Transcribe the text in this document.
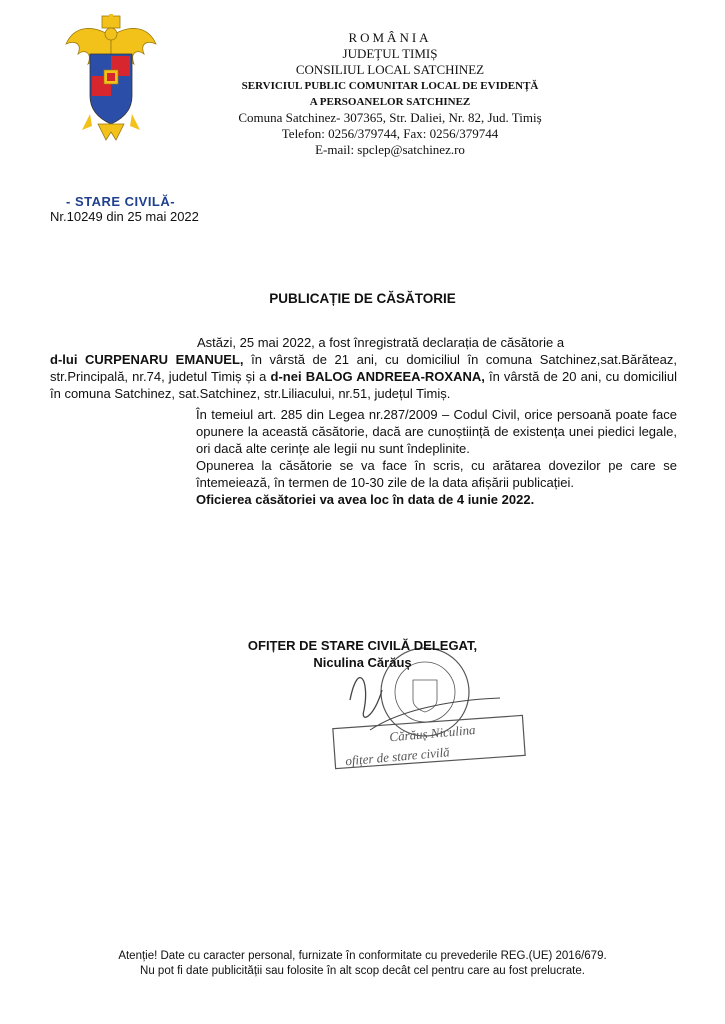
ROMÂNIA
JUDEȚUL TIMIȘ
CONSILIUL LOCAL SATCHINEZ
SERVICIUL PUBLIC COMUNITAR LOCAL DE EVIDENȚĂ
A PERSOANELOR SATCHINEZ
Comuna Satchinez- 307365, Str. Daliei, Nr. 82, Jud. Timiș
Telefon: 0256/379744, Fax: 0256/379744
E-mail: spclep@satchinez.ro
- STARE CIVILĂ-
Nr.10249 din 25 mai 2022
PUBLICAȚIE DE CĂSĂTORIE

Astăzi, 25 mai 2022, a fost înregistrată declarația de căsătorie a

d-lui CURPENARU EMANUEL, în vârstă de 21 ani, cu domiciliul în comuna Satchinez,sat.Bărăteaz, str.Principală, nr.74, judetul Timiș și a d-nei BALOG ANDREEA-ROXANA, în vârstă de 20 ani, cu domiciliul în comuna Satchinez, sat.Satchinez, str.Liliacului, nr.51, județul Timiș.

În temeiul art. 285 din Legea nr.287/2009 – Codul Civil, orice persoană poate face opunere la această căsătorie, dacă are cunoștiință de existența unei piedici legale, ori dacă alte cerințe ale legii nu sunt îndeplinite.

Opunerea la căsătorie se va face în scris, cu arătarea dovezilor pe care se întemeiează, în termen de 10-30 zile de la data afișării publicației.

Oficierea căsătoriei va avea loc în data de 4 iunie 2022.

Cărăuș Niculina
ofițer de stare civilă
OFIȚER DE STARE CIVILĂ DELEGAT,
Niculina Cărăuș
Atenție! Date cu caracter personal, furnizate în conformitate cu prevederile REG.(UE) 2016/679.
Nu pot fi date publicității sau folosite în alt scop decât cel pentru care au fost prelucrate.
